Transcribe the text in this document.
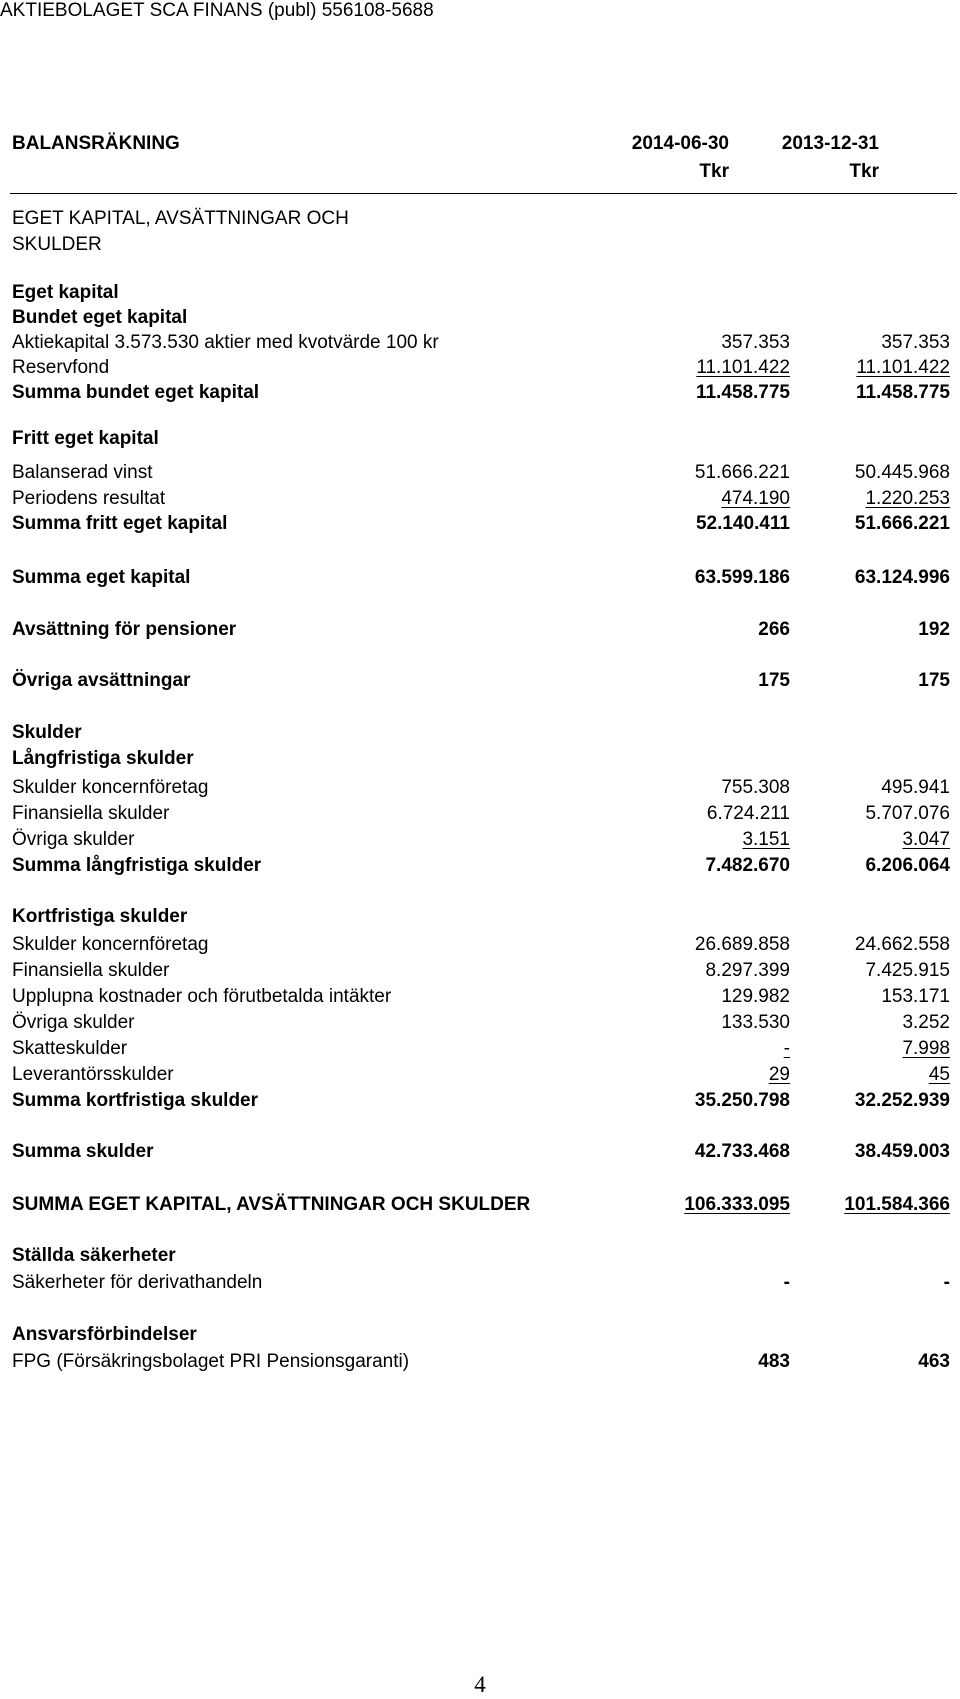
AKTIEBOLAGET SCA FINANS (publ) 556108-5688
BALANSRÄKNING	2014-06-30	2013-12-31
Tkr	Tkr
EGET KAPITAL, AVSÄTTNINGAR OCH
SKULDER
Eget kapital
Bundet eget kapital
Aktiekapital 3.573.530 aktier med kvotvärde 100 kr	357.353	357.353
Reservfond	11.101.422	11.101.422
Summa bundet eget kapital	11.458.775	11.458.775
Fritt eget kapital
Balanserad vinst	51.666.221	50.445.968
Periodens resultat	474.190	1.220.253
Summa fritt eget kapital	52.140.411	51.666.221
Summa eget kapital	63.599.186	63.124.996
Avsättning för pensioner	266	192
Övriga avsättningar	175	175
Skulder
Långfristiga skulder
Skulder koncernföretag	755.308	495.941
Finansiella skulder	6.724.211	5.707.076
Övriga skulder	3.151	3.047
Summa långfristiga skulder	7.482.670	6.206.064
Kortfristiga skulder
Skulder koncernföretag	26.689.858	24.662.558
Finansiella skulder	8.297.399	7.425.915
Upplupna kostnader och förutbetalda intäkter	129.982	153.171
Övriga skulder	133.530	3.252
Skatteskulder	-	7.998
Leverantörsskulder	29	45
Summa kortfristiga skulder	35.250.798	32.252.939
Summa skulder	42.733.468	38.459.003
SUMMA EGET KAPITAL, AVSÄTTNINGAR OCH SKULDER	106.333.095	101.584.366
Ställda säkerheter
Säkerheter för derivathandeln	-	-
Ansvarsförbindelser
FPG (Försäkringsbolaget PRI Pensionsgaranti)	483	463
4
